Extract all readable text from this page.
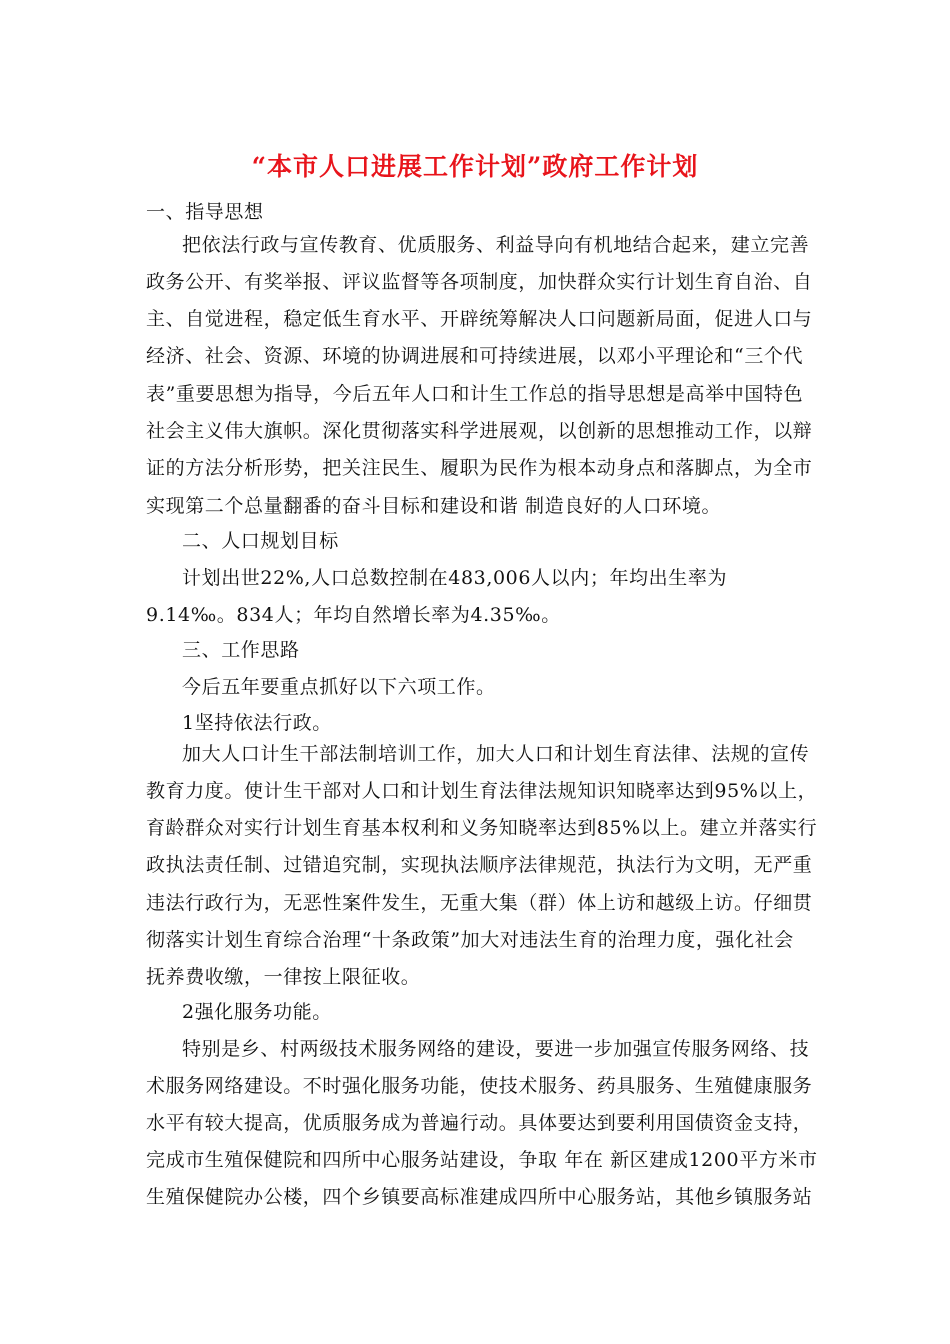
“本市人口进展工作计划”政府工作计划
一、指导思想
把依法行政与宣传教育、优质服务、利益导向有机地结合起来，建立完善
政务公开、有奖举报、评议监督等各项制度，加快群众实行计划生育自治、自
主、自觉进程，稳定低生育水平、开辟统筹解决人口问题新局面，促进人口与
经济、社会、资源、环境的协调进展和可持续进展，以邓小平理论和“三个代
表”重要思想为指导，今后五年人口和计生工作总的指导思想是高举中国特色
社会主义伟大旗帜。深化贯彻落实科学进展观，以创新的思想推动工作，以辩
证的方法分析形势，把关注民生、履职为民作为根本动身点和落脚点，为全市
实现第二个总量翻番的奋斗目标和建设和谐 制造良好的人口环境。
二、人口规划目标
计划出世22%,人口总数控制在483,006人以内；年均出生率为
9.14‰。834人；年均自然增长率为4.35‰。
三、工作思路
今后五年要重点抓好以下六项工作。
1坚持依法行政。
加大人口计生干部法制培训工作，加大人口和计划生育法律、法规的宣传
教育力度。使计生干部对人口和计划生育法律法规知识知晓率达到95%以上，
育龄群众对实行计划生育基本权利和义务知晓率达到85%以上。建立并落实行
政执法责任制、过错追究制，实现执法顺序法律规范，执法行为文明，无严重
违法行政行为，无恶性案件发生，无重大集（群）体上访和越级上访。仔细贯
彻落实计划生育综合治理“十条政策”加大对违法生育的治理力度，强化社会
抚养费收缴，一律按上限征收。
2强化服务功能。
特别是乡、村两级技术服务网络的建设，要进一步加强宣传服务网络、技
术服务网络建设。不时强化服务功能，使技术服务、药具服务、生殖健康服务
水平有较大提高，优质服务成为普遍行动。具体要达到要利用国债资金支持，
完成市生殖保健院和四所中心服务站建设，争取 年在 新区建成1200平方米市
生殖保健院办公楼，四个乡镇要高标准建成四所中心服务站，其他乡镇服务站
